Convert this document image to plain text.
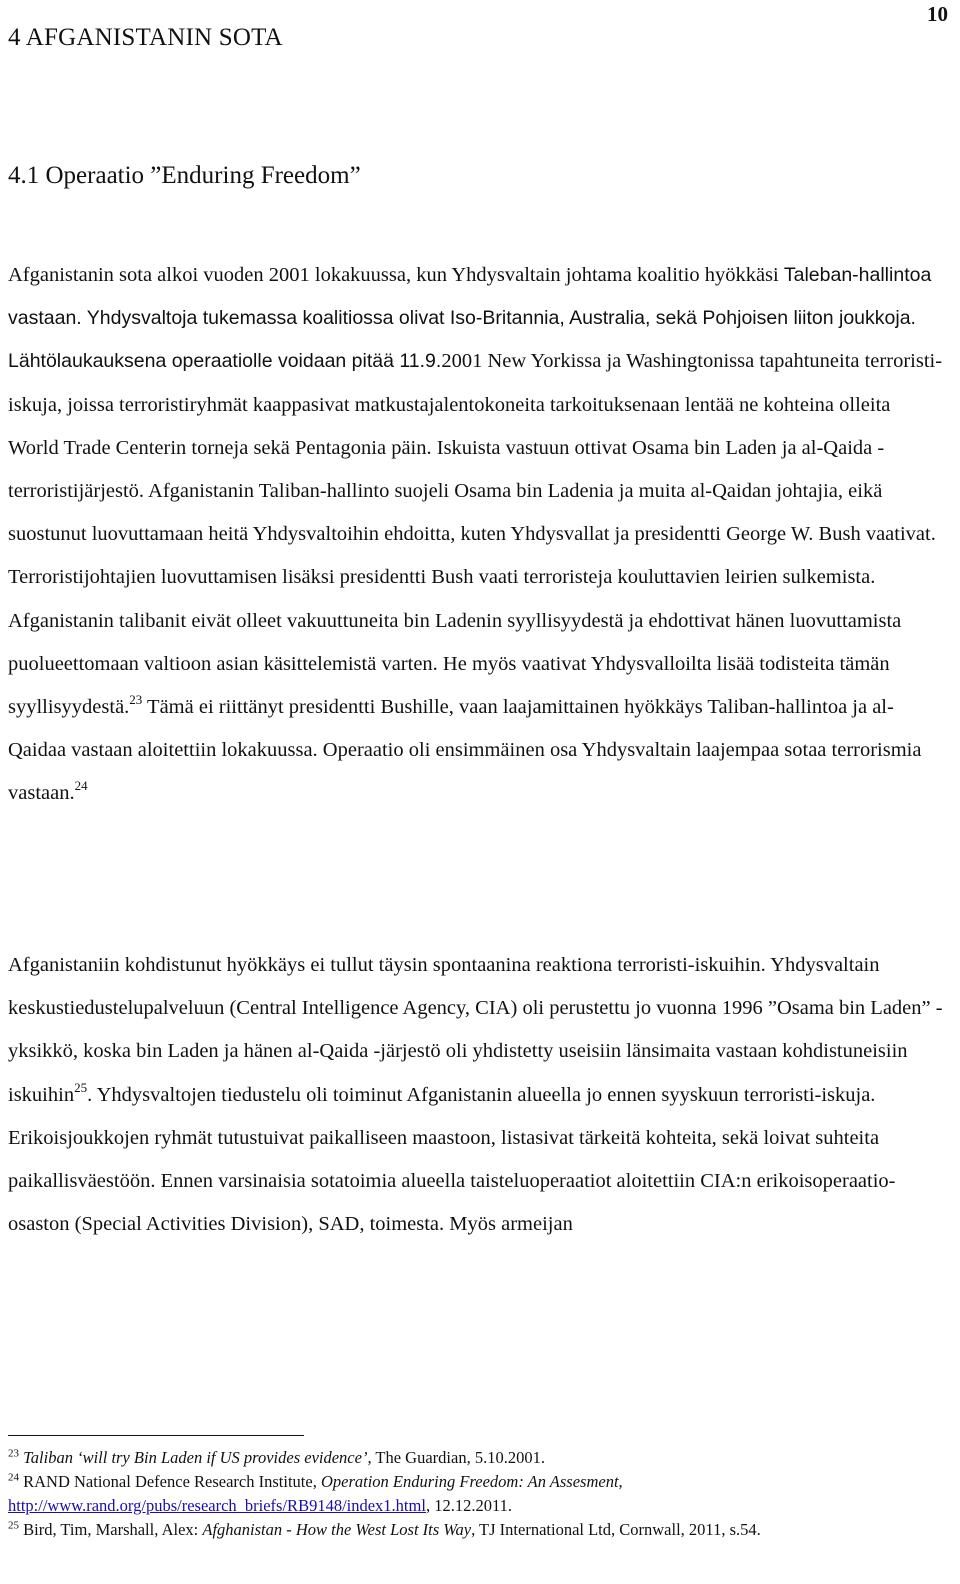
10
4 AFGANISTANIN SOTA
4.1 Operaatio ”Enduring Freedom”

Afganistanin sota alkoi vuoden 2001 lokakuussa, kun Yhdysvaltain johtama koalitio hyökkäsi Taleban-hallintoa vastaan. Yhdysvaltoja tukemassa koalitiossa olivat Iso-Britannia, Australia, sekä Pohjoisen liiton joukkoja. Lähtölaukauksena operaatiolle voidaan pitää 11.9.2001 New Yorkissa ja Washingtonissa tapahtuneita terroristi-iskuja, joissa terroristiryhmät kaappasivat matkustajalentokoneita tarkoituksenaan lentää ne kohteina olleita World Trade Centerin torneja sekä Pentagonia päin. Iskuista vastuun ottivat Osama bin Laden ja al-Qaida -terroristijärjestö. Afganistanin Taliban-hallinto suojeli Osama bin Ladenia ja muita al-Qaidan johtajia, eikä suostunut luovuttamaan heitä Yhdysvaltoihin ehdoitta, kuten Yhdysvallat ja presidentti George W. Bush vaativat. Terroristijohtajien luovuttamisen lisäksi presidentti Bush vaati terroristeja kouluttavien leirien sulkemista. Afganistanin talibanit eivät olleet vakuuttuneita bin Ladenin syyllisyydestä ja ehdottivat hänen luovuttamista puolueettomaan valtioon asian käsittelemistä varten. He myös vaativat Yhdysvalloilta lisää todisteita tämän syyllisyydestä.$^{23}$ Tämä ei riittänyt presidentti Bushille, vaan laajamittainen hyökkäys Taliban-hallintoa ja al-Qaidaa vastaan aloitettiin lokakuussa. Operaatio oli ensimmäinen osa Yhdysvaltain laajempaa sotaa terrorismia vastaan.$^{24}$

Afganistaniin kohdistunut hyökkäys ei tullut täysin spontaanina reaktiona terroristi-iskuihin. Yhdysvaltain keskustiedustelupalveluun (Central Intelligence Agency, CIA) oli perustettu jo vuonna 1996 ”Osama bin Laden” -yksikkö, koska bin Laden ja hänen al-Qaida -järjestö oli yhdistetty useisiin länsimaita vastaan kohdistuneisiin iskuihin$^{25}$. Yhdysvaltojen tiedustelu oli toiminut Afganistanin alueella jo ennen syyskuun terroristi-iskuja. Erikoisjoukkojen ryhmät tutustuivat paikalliseen maastoon, listasivat tärkeitä kohteita, sekä loivat suhteita paikallisväestöön. Ennen varsinaisia sotatoimia alueella taisteluoperaatiot aloitettiin CIA:n erikoisoperaatio-osaston (Special Activities Division), SAD, toimesta. Myös armeijan

$^{23}$ Taliban ‘will try Bin Laden if US provides evidence’, The Guardian, 5.10.2001.

$^{24}$ RAND National Defence Research Institute, Operation Enduring Freedom: An Assesment, http://www.rand.org/pubs/research_briefs/RB9148/index1.html, 12.12.2011.

$^{25}$ Bird, Tim, Marshall, Alex: Afghanistan - How the West Lost Its Way, TJ International Ltd, Cornwall, 2011, s.54.
